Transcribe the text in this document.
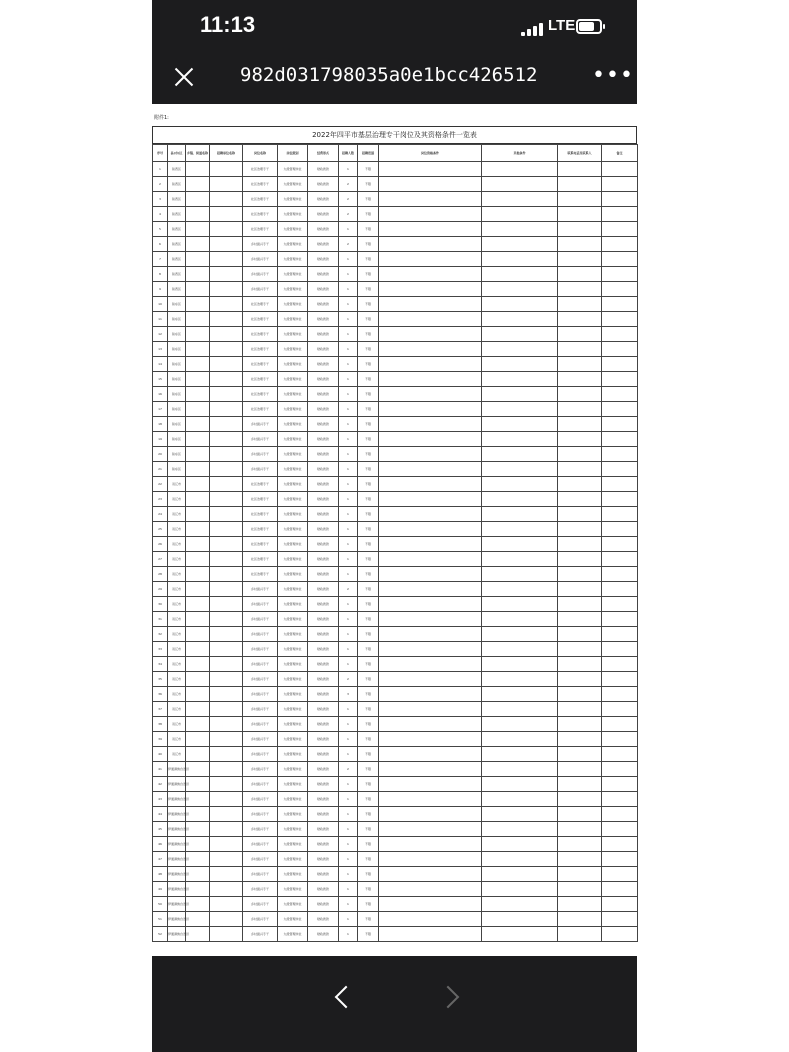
11:13	LTE
982d031798035a0e1bcc426512	•••
附件1:
2022年四平市基层治理专干岗位及其资格条件一览表
序号	县(市)区	乡镇、街道名称	招聘单位名称	岗位名称	岗位级别	经费形式	招聘人数	招聘范围	岗位资格条件	其他条件	联系电话及联系人	备注
1	铁西区			社区治理专干	九级管理岗位	财政拨款	1	不限				
2	铁西区			社区治理专干	九级管理岗位	财政拨款	2	不限				
3	铁西区			社区治理专干	九级管理岗位	财政拨款	2	不限				
4	铁西区			社区治理专干	九级管理岗位	财政拨款	2	不限				
5	铁西区			社区治理专干	九级管理岗位	财政拨款	1	不限				
6	铁西区			乡村振兴专干	九级管理岗位	财政拨款	2	不限				
7	铁西区			乡村振兴专干	九级管理岗位	财政拨款	1	不限				
8	铁西区			乡村振兴专干	九级管理岗位	财政拨款	1	不限				
9	铁西区			乡村振兴专干	九级管理岗位	财政拨款	1	不限				
10	铁东区			社区治理专干	九级管理岗位	财政拨款	1	不限				
11	铁东区			社区治理专干	九级管理岗位	财政拨款	1	不限				
12	铁东区			社区治理专干	九级管理岗位	财政拨款	1	不限				
13	铁东区			社区治理专干	九级管理岗位	财政拨款	1	不限				
14	铁东区			社区治理专干	九级管理岗位	财政拨款	1	不限				
15	铁东区			社区治理专干	九级管理岗位	财政拨款	1	不限				
16	铁东区			社区治理专干	九级管理岗位	财政拨款	1	不限				
17	铁东区			社区治理专干	九级管理岗位	财政拨款	1	不限				
18	铁东区			乡村振兴专干	九级管理岗位	财政拨款	1	不限				
19	铁东区			乡村振兴专干	九级管理岗位	财政拨款	1	不限				
20	铁东区			乡村振兴专干	九级管理岗位	财政拨款	1	不限				
21	铁东区			乡村振兴专干	九级管理岗位	财政拨款	1	不限				
22	双辽市			社区治理专干	九级管理岗位	财政拨款	1	不限				
23	双辽市			社区治理专干	九级管理岗位	财政拨款	1	不限				
24	双辽市			社区治理专干	九级管理岗位	财政拨款	1	不限				
25	双辽市			社区治理专干	九级管理岗位	财政拨款	1	不限				
26	双辽市			社区治理专干	九级管理岗位	财政拨款	1	不限				
27	双辽市			社区治理专干	九级管理岗位	财政拨款	1	不限				
28	双辽市			社区治理专干	九级管理岗位	财政拨款	1	不限				
29	双辽市			乡村振兴专干	九级管理岗位	财政拨款	2	不限				
30	双辽市			乡村振兴专干	九级管理岗位	财政拨款	1	不限				
31	双辽市			乡村振兴专干	九级管理岗位	财政拨款	1	不限				
32	双辽市			乡村振兴专干	九级管理岗位	财政拨款	1	不限				
33	双辽市			乡村振兴专干	九级管理岗位	财政拨款	1	不限				
34	双辽市			乡村振兴专干	九级管理岗位	财政拨款	1	不限				
35	双辽市			乡村振兴专干	九级管理岗位	财政拨款	2	不限				
36	双辽市			乡村振兴专干	九级管理岗位	财政拨款	3	不限				
37	双辽市			乡村振兴专干	九级管理岗位	财政拨款	1	不限				
38	双辽市			乡村振兴专干	九级管理岗位	财政拨款	1	不限				
39	双辽市			乡村振兴专干	九级管理岗位	财政拨款	1	不限				
40	双辽市			乡村振兴专干	九级管理岗位	财政拨款	1	不限				
41	伊通满族自治县			乡村振兴专干	九级管理岗位	财政拨款	2	不限				
42	伊通满族自治县			乡村振兴专干	九级管理岗位	财政拨款	1	不限				
43	伊通满族自治县			乡村振兴专干	九级管理岗位	财政拨款	1	不限				
44	伊通满族自治县			乡村振兴专干	九级管理岗位	财政拨款	1	不限				
45	伊通满族自治县			乡村振兴专干	九级管理岗位	财政拨款	1	不限				
46	伊通满族自治县			乡村振兴专干	九级管理岗位	财政拨款	1	不限				
47	伊通满族自治县			乡村振兴专干	九级管理岗位	财政拨款	1	不限				
48	伊通满族自治县			乡村振兴专干	九级管理岗位	财政拨款	1	不限				
49	伊通满族自治县			乡村振兴专干	九级管理岗位	财政拨款	1	不限				
50	伊通满族自治县			乡村振兴专干	九级管理岗位	财政拨款	1	不限				
51	伊通满族自治县			乡村振兴专干	九级管理岗位	财政拨款	1	不限				
52	伊通满族自治县			乡村振兴专干	九级管理岗位	财政拨款	1	不限				
